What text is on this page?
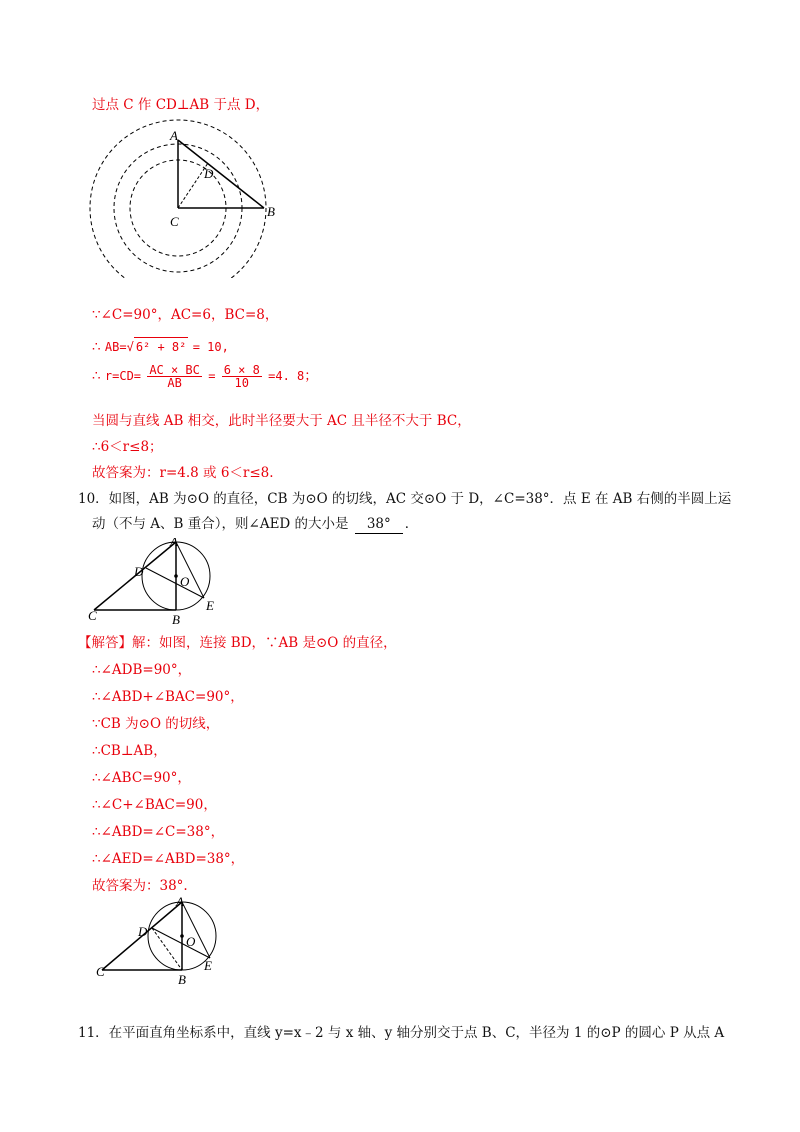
过点 C 作 CD⊥AB 于点 D，
A
B
C
D
∵∠C=90°，AC=6，BC=8，
∴ AB=√ 6² + 8² = 10,
∴ $r=CD= \frac{AC \times BC}{AB} = \frac{6 \times 8}{10} =4$. 8；
当圆与直线 AB 相交，此时半径要大于 AC 且半径不大于 BC，
∴6＜r≤8；
故答案为：r=4.8 或 6＜r≤8.
10．如图，AB 为⊙O 的直径，CB 为⊙O 的切线，AC 交⊙O 于 D，∠C=38°．点 E 在 AB 右侧的半圆上运
动（不与 A、B 重合），则∠AED 的大小是 38° ．
A
B
C
D
O
E
【解答】解：如图，连接 BD，∵AB 是⊙O 的直径，
∴∠ADB=90°，
∴∠ABD+∠BAC=90°，
∵CB 为⊙O 的切线，
∴CB⊥AB，
∴∠ABC=90°，
∴∠C+∠BAC=90，
∴∠ABD=∠C=38°，
∴∠AED=∠ABD=38°，
故答案为：38°.
A
B
C
D
O
E
11．在平面直角坐标系中，直线 y=x﹣2 与 x 轴、y 轴分别交于点 B、C，半径为 1 的⊙P 的圆心 P 从点 A
